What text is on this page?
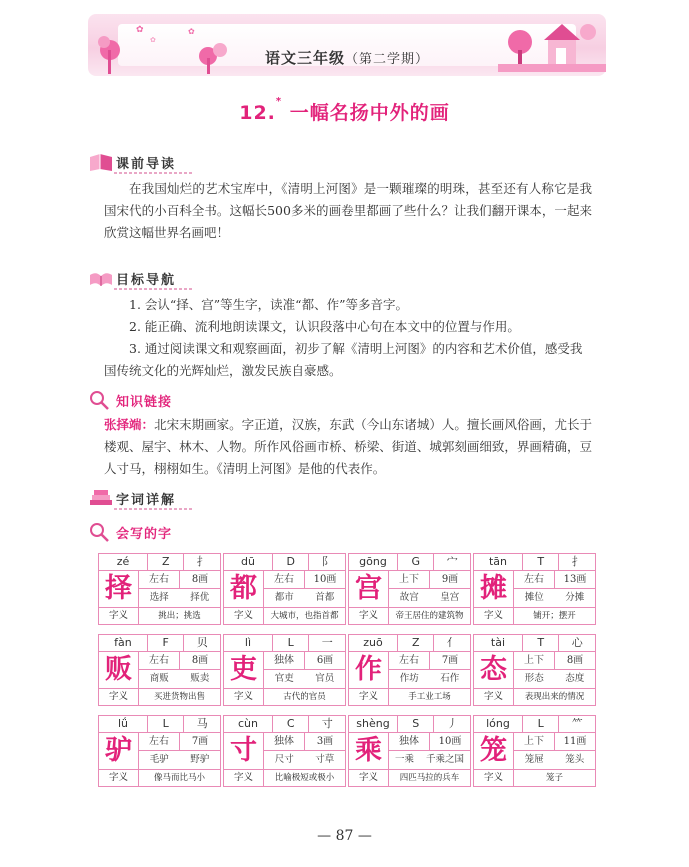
✿
✿
✿
语文三年级（第二学期）
12.* 一幅名扬中外的画
课前导读
在我国灿烂的艺术宝库中，《清明上河图》是一颗璀璨的明珠，甚至还有人称它是我国宋代的小百科全书。这幅长500多米的画卷里都画了些什么？让我们翻开课本，一起来欣赏这幅世界名画吧！
目标导航
1. 会认“择、宫”等生字，读准“都、作”等多音字。
2. 能正确、流利地朗读课文，认识段落中心句在本文中的位置与作用。
3. 通过阅读课文和观察画面，初步了解《清明上河图》的内容和艺术价值，感受我国传统文化的光辉灿烂，激发民族自豪感。
知识链接
张择端：北宋末期画家。字正道，汉族，东武（今山东诸城）人。擅长画风俗画，尤长于楼观、屋宇、林木、人物。所作风俗画市桥、桥梁、街道、城郭刻画细致，界画精确，豆人寸马，栩栩如生。《清明上河图》是他的代表作。
字词详解
会写的字
zé	Z	扌
择	左右	8画
选择 择优
字义	挑出；挑选
dū	D	阝
都	左右	10画
都市 首都
字义	大城市，也指首都
gōng	G	宀
宫	上下	9画
故宫 皇宫
字义	帝王居住的建筑物
tān	T	扌
摊	左右	13画
摊位 分摊
字义	铺开；摆开
fàn	F	贝
贩	左右	8画
商贩 贩卖
字义	买进货物出售
lì	L	一
吏	独体	6画
官吏 官员
字义	古代的官员
zuō	Z	亻
作	左右	7画
作坊 石作
字义	手工业工场
tài	T	心
态	上下	8画
形态 态度
字义	表现出来的情况
lǘ	L	马
驴	左右	7画
毛驴 野驴
字义	像马而比马小
cùn	C	寸
寸	独体	3画
尺寸 寸草
字义	比喻极短或极小
shèng	S	丿
乘	独体	10画
一乘 千乘之国
字义	四匹马拉的兵车
lóng	L	⺮
笼	上下	11画
笼屉 笼头
字义	笼子
— 87 —
